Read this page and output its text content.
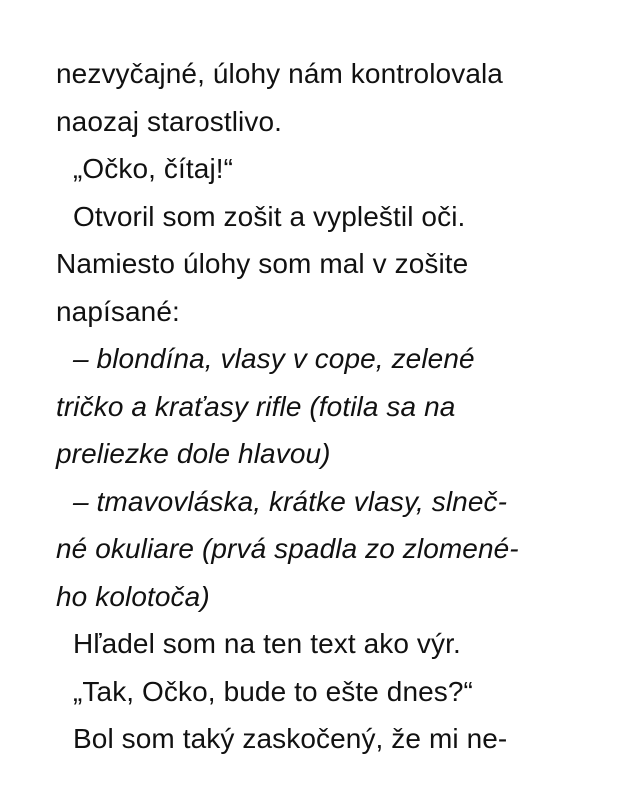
nezvyčajné, úlohy nám kontrolovala
naozaj starostlivo.
„Očko, čítaj!“
Otvoril som zošit a vypleštil oči.
Namiesto úlohy som mal v zošite
napísané:
– blondína, vlasy v cope, zelené
tričko a kraťasy rifle (fotila sa na
preliezke dole hlavou)
– tmavovláska, krátke vlasy, slneč-
né okuliare (prvá spadla zo zlomené-
ho kolotoča)
Hľadel som na ten text ako výr.
„Tak, Očko, bude to ešte dnes?“
Bol som taký zaskočený, že mi ne-
